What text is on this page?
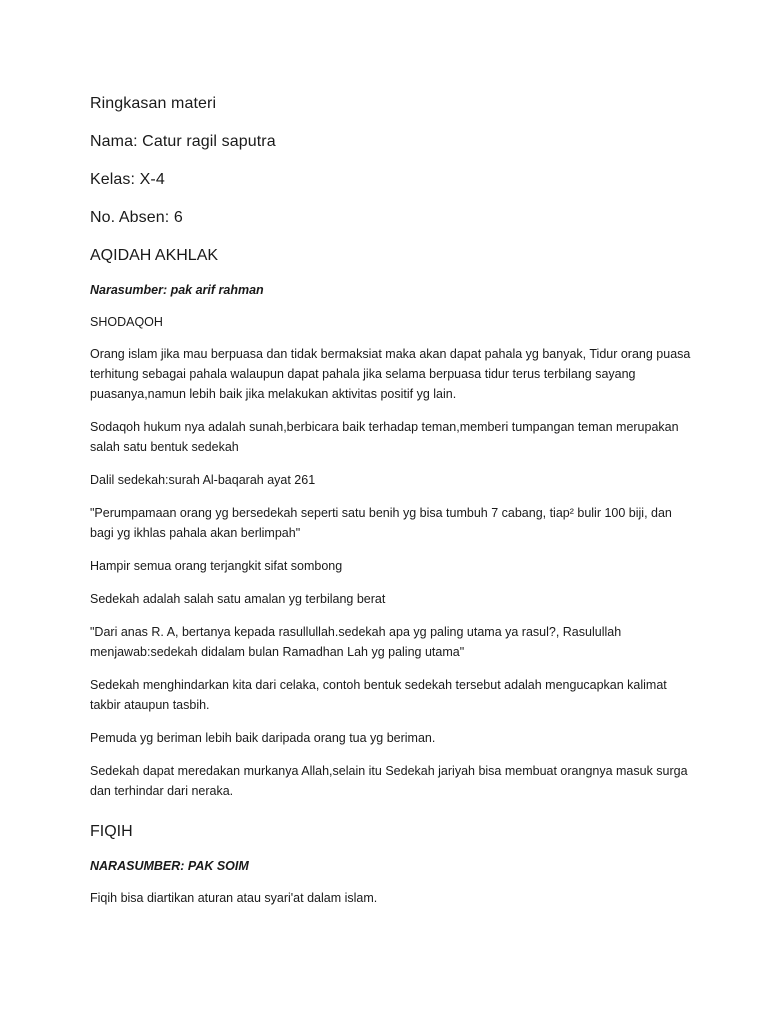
Ringkasan materi
Nama: Catur ragil saputra
Kelas: X-4
No. Absen: 6
AQIDAH AKHLAK
Narasumber: pak arif rahman
SHODAQOH

Orang islam jika mau berpuasa dan tidak bermaksiat maka akan dapat pahala yg banyak, Tidur orang puasa terhitung sebagai pahala walaupun dapat pahala jika selama berpuasa tidur terus terbilang sayang puasanya,namun lebih baik jika melakukan aktivitas positif yg lain.

Sodaqoh hukum nya adalah sunah,berbicara baik terhadap teman,memberi tumpangan teman merupakan salah satu bentuk sedekah

Dalil sedekah:surah Al-baqarah ayat 261

"Perumpamaan orang yg bersedekah seperti satu benih yg bisa tumbuh 7 cabang, tiap² bulir 100 biji, dan bagi yg ikhlas pahala akan berlimpah"

Hampir semua orang terjangkit sifat sombong

Sedekah adalah salah satu amalan yg terbilang berat

"Dari anas R. A, bertanya kepada rasullullah.sedekah apa yg paling utama ya rasul?, Rasulullah menjawab:sedekah didalam bulan Ramadhan Lah yg paling utama"

Sedekah menghindarkan kita dari celaka, contoh bentuk sedekah tersebut adalah mengucapkan kalimat takbir ataupun tasbih.

Pemuda yg beriman lebih baik daripada orang tua yg beriman.

Sedekah dapat meredakan murkanya Allah,selain itu Sedekah jariyah bisa membuat orangnya masuk surga dan terhindar dari neraka.

FIQIH
NARASUMBER: PAK SOIM

Fiqih bisa diartikan aturan atau syari'at dalam islam.
